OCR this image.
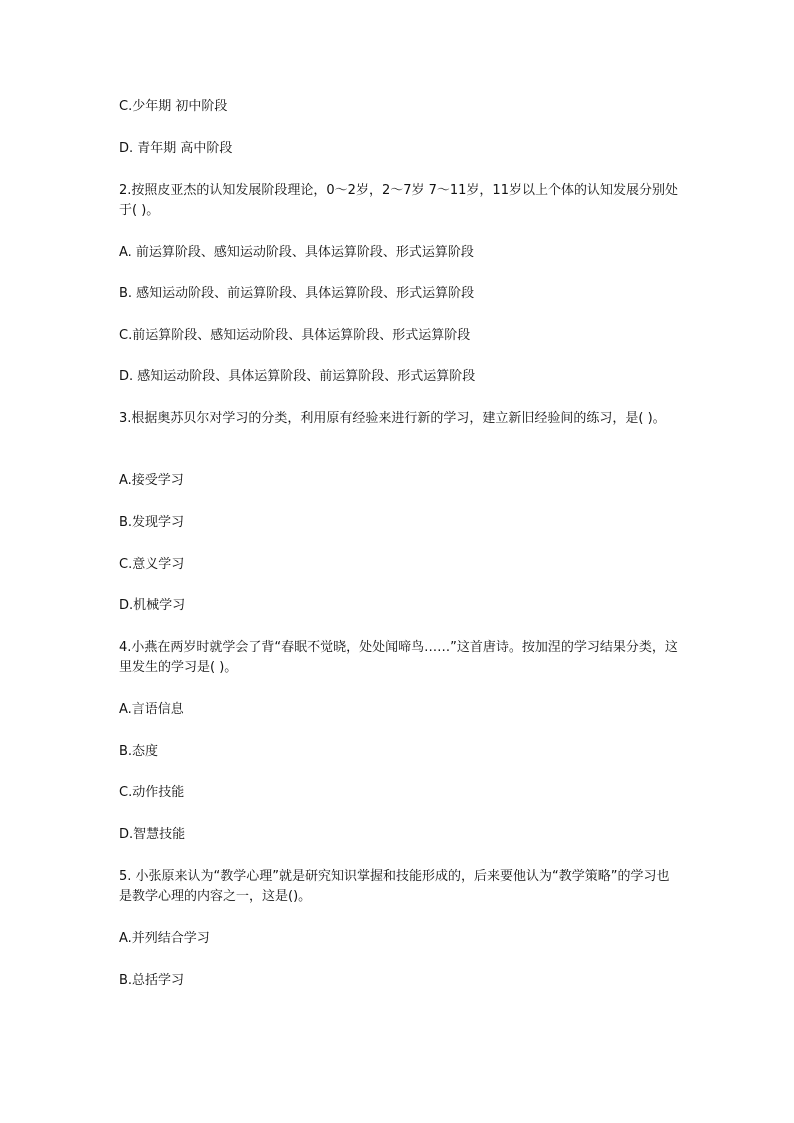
C.少年期 初中阶段
D. 青年期 高中阶段
2.按照皮亚杰的认知发展阶段理论，0～2岁，2～7岁 7～11岁，11岁以上个体的认知发展分别处于( )。
A. 前运算阶段、感知运动阶段、具体运算阶段、形式运算阶段
B. 感知运动阶段、前运算阶段、具体运算阶段、形式运算阶段
C.前运算阶段、感知运动阶段、具体运算阶段、形式运算阶段
D. 感知运动阶段、具体运算阶段、前运算阶段、形式运算阶段
3.根据奥苏贝尔对学习的分类，利用原有经验来进行新的学习，建立新旧经验间的练习，是( )。
A.接受学习
B.发现学习
C.意义学习
D.机械学习
4.小燕在两岁时就学会了背“春眠不觉晓，处处闻啼鸟……”这首唐诗。按加涅的学习结果分类，这里发生的学习是( )。
A.言语信息
B.态度
C.动作技能
D.智慧技能
5. 小张原来认为“教学心理”就是研究知识掌握和技能形成的，后来要他认为“教学策略”的学习也是教学心理的内容之一，这是()。
A.并列结合学习
B.总括学习
